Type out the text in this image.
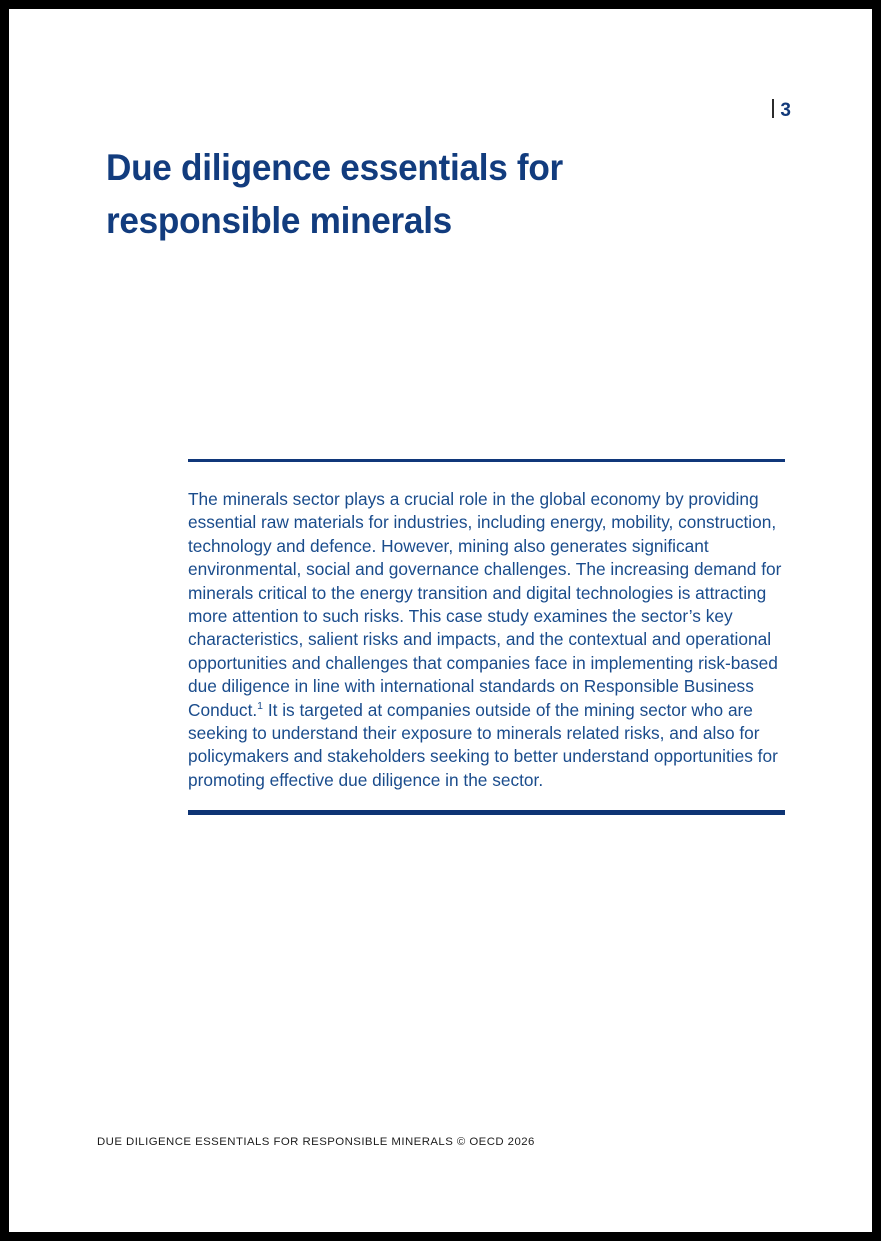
3
Due diligence essentials for responsible minerals

The minerals sector plays a crucial role in the global economy by providing essential raw materials for industries, including energy, mobility, construction, technology and defence. However, mining also generates significant environmental, social and governance challenges. The increasing demand for minerals critical to the energy transition and digital technologies is attracting more attention to such risks. This case study examines the sector’s key characteristics, salient risks and impacts, and the contextual and operational opportunities and challenges that companies face in implementing risk-based due diligence in line with international standards on Responsible Business Conduct.$^1$ It is targeted at companies outside of the mining sector who are seeking to understand their exposure to minerals related risks, and also for policymakers and stakeholders seeking to better understand opportunities for promoting effective due diligence in the sector.

DUE DILIGENCE ESSENTIALS FOR RESPONSIBLE MINERALS © OECD 2026
